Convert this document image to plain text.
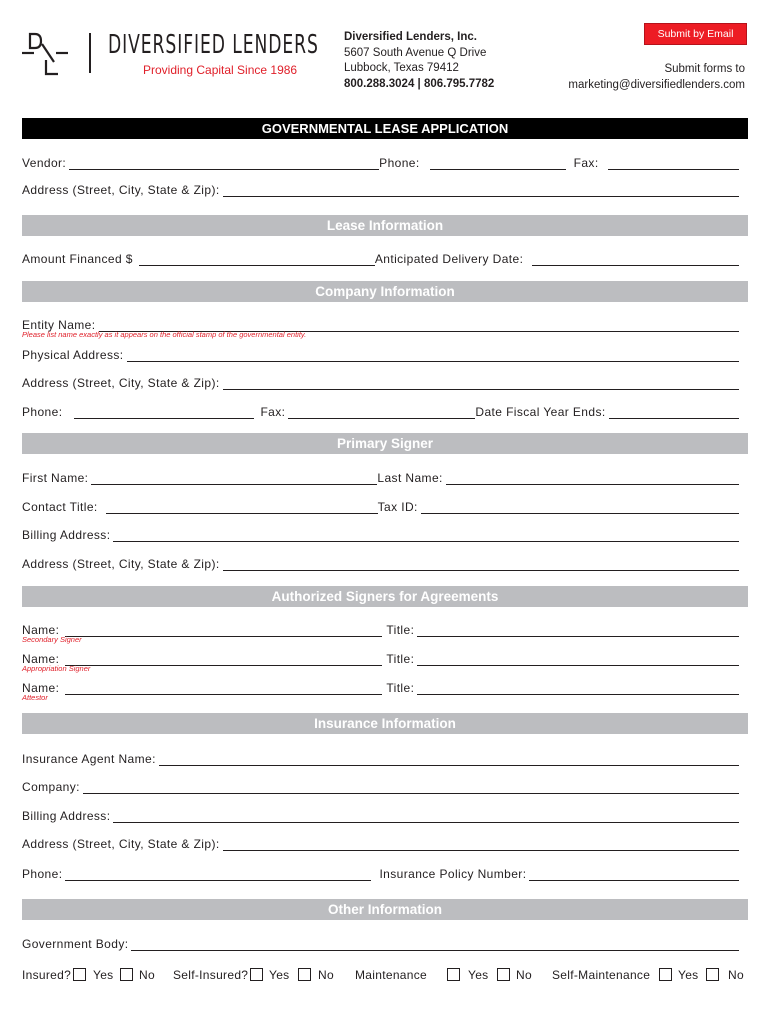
DIVERSIFIED LENDERS
Providing Capital Since 1986
Diversified Lenders, Inc.
5607 South Avenue Q Drive
Lubbock, Texas 79412
800.288.3024 | 806.795.7782
Submit by Email
Submit forms to
marketing@diversifiedlenders.com
GOVERNMENTAL LEASE APPLICATION
Vendor:	Phone:	Fax:
Address (Street, City, State & Zip):
Lease Information
Amount Financed $	Anticipated Delivery Date:
Company Information
Entity Name:
Please list name exactly as it appears on the official stamp of the governmental entity.
Physical Address:
Address (Street, City, State & Zip):
Phone:	Fax:	Date Fiscal Year Ends:
Primary Signer
First Name:	Last Name:
Contact Title:	Tax ID:
Billing Address:
Address (Street, City, State & Zip):
Authorized Signers for Agreements
Name:	Title:
Secondary Signer
Name:	Title:
Appropriation Signer
Name:	Title:
Attestor
Insurance Information
Insurance Agent Name:
Company:
Billing Address:
Address (Street, City, State & Zip):
Phone:	Insurance Policy Number:
Other Information
Government Body:
Insured? Yes No Self-Insured? Yes No Maintenance	Yes No Self-Maintenance Yes No
